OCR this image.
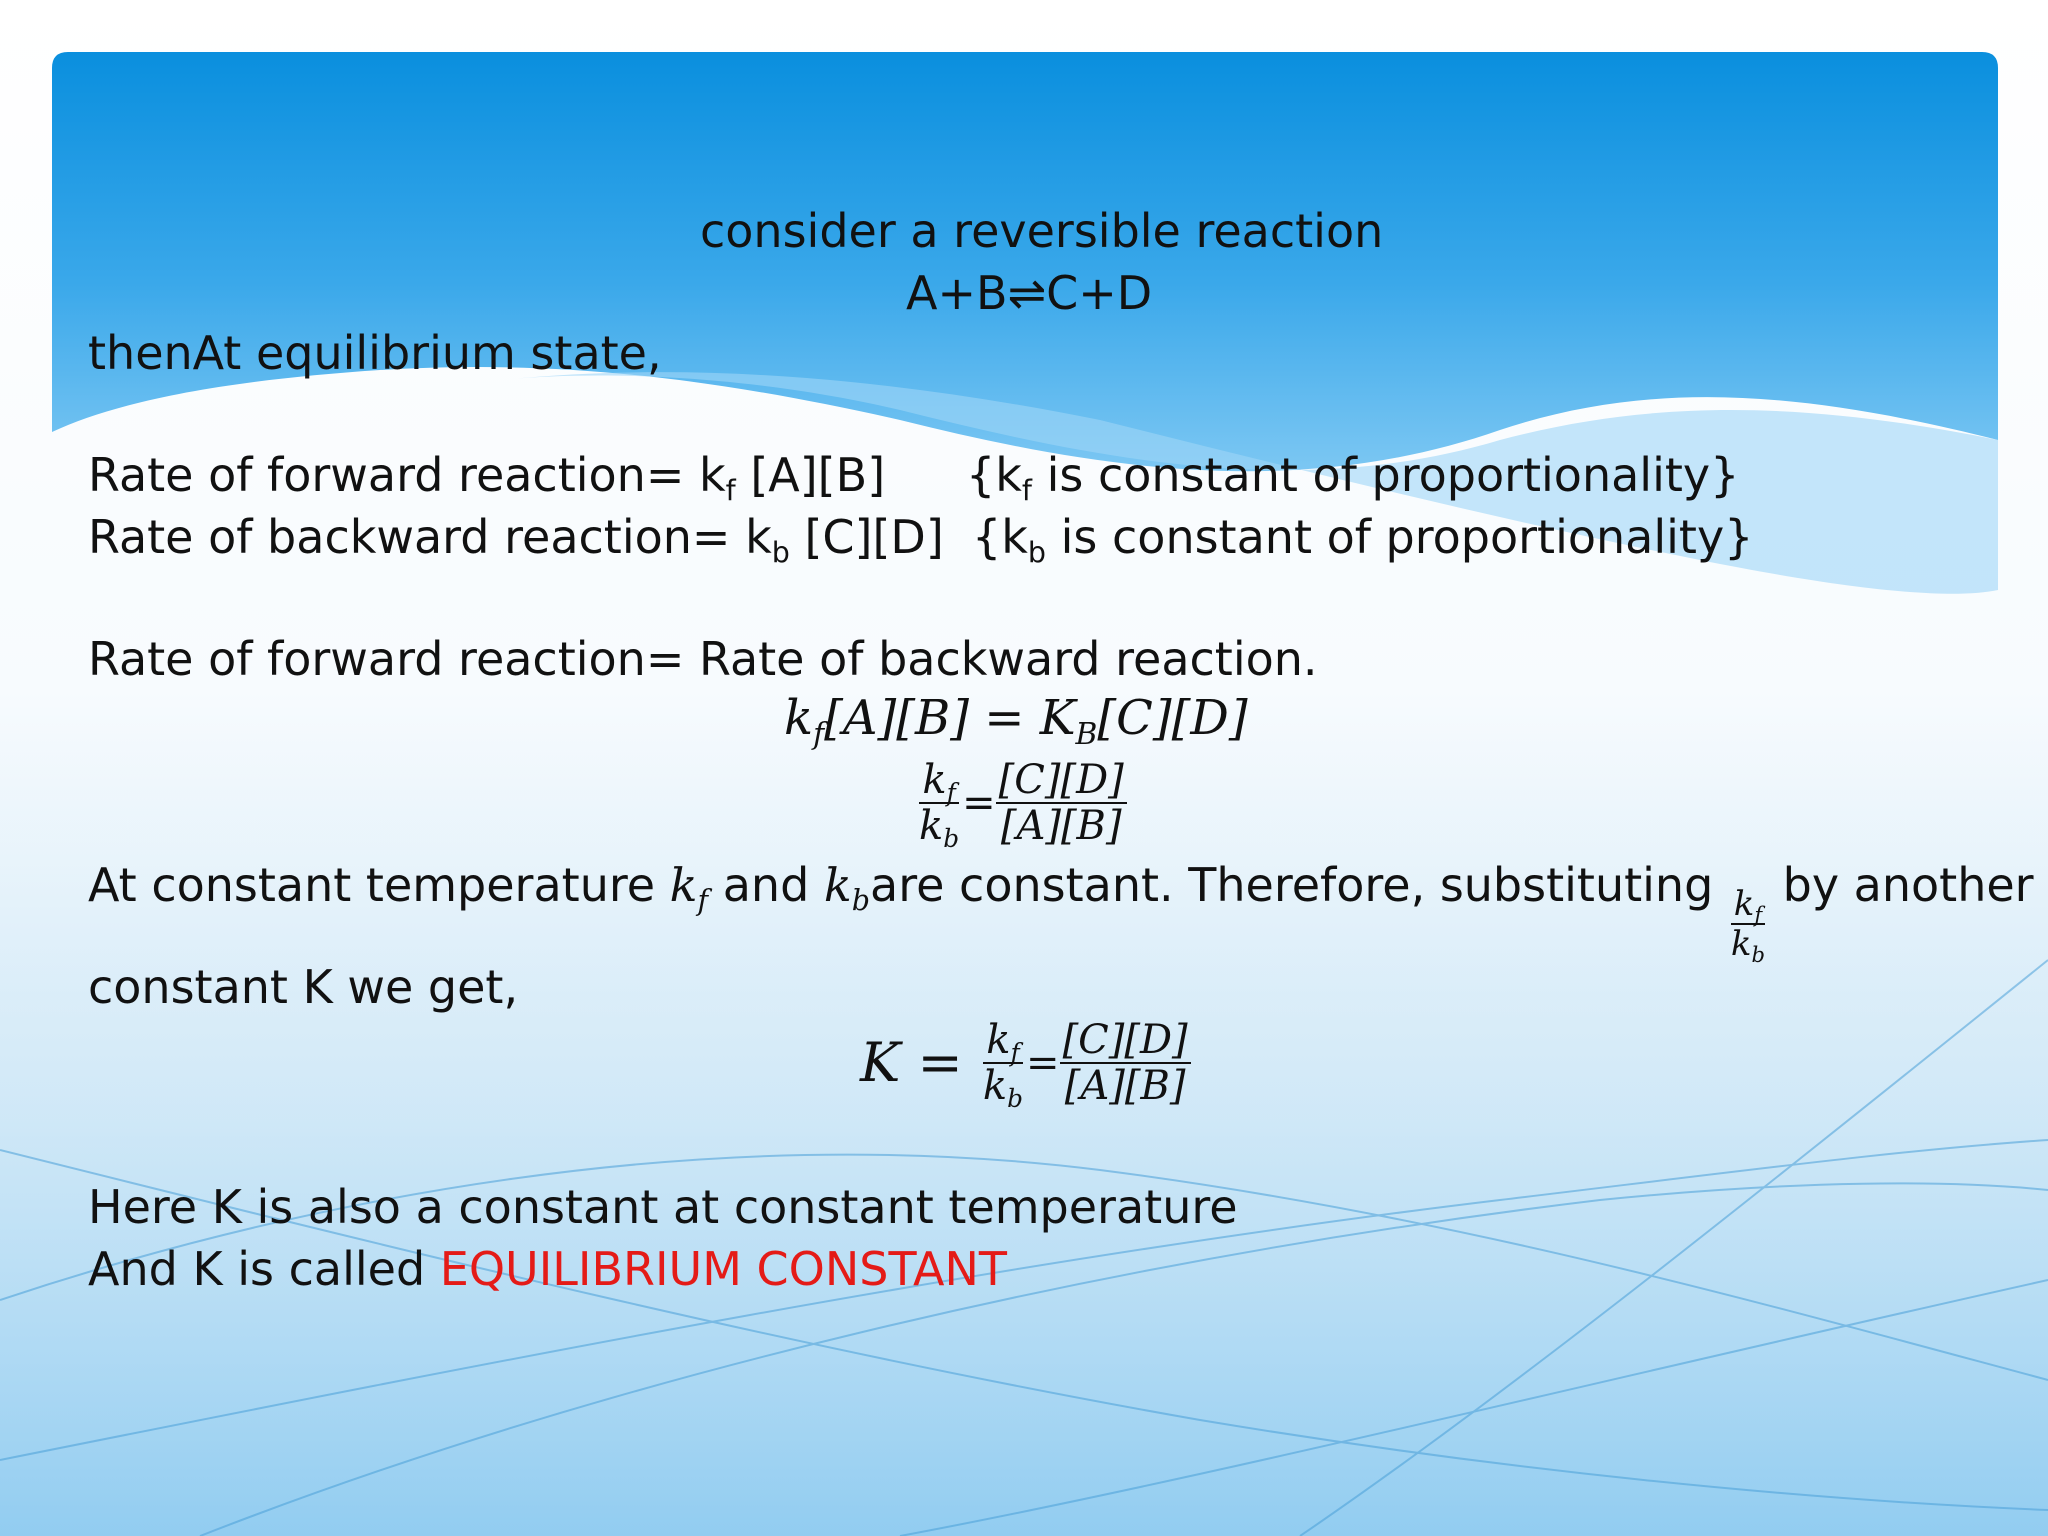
consider a reversible reaction
A+B⇌C+D
thenAt equilibrium state,
Rate of forward reaction= kf [A][B] {kf is constant of proportionality}
Rate of backward reaction= kb [C][D] {kb is constant of proportionality}
Rate of forward reaction= Rate of backward reaction.
kf[A][B] = KB[C][D]
$\frac{kf}{kb} = \frac{[C][D]}{[A][B]}$
At constant temperature kf and kbare constant. Therefore, substituting
$\frac{kf}{kb}$
by another
constant K we get,
$K = \frac{kf}{kb} = \frac{[C][D]}{[A][B]}$
Here K is also a constant at constant temperature
And K is called EQUILIBRIUM CONSTANT
